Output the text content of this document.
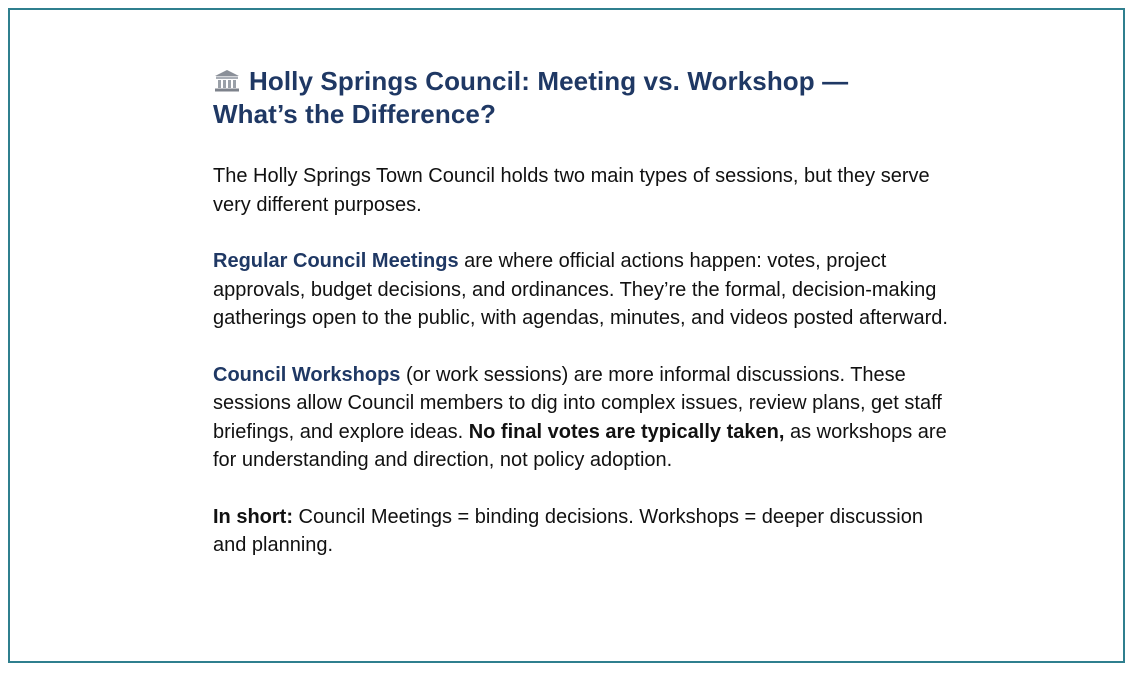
Holly Springs Council: Meeting vs. Workshop —
What’s the Difference?

The Holly Springs Town Council holds two main types of sessions, but they serve very different purposes.

Regular Council Meetings are where official actions happen: votes, project approvals, budget decisions, and ordinances. They’re the formal, decision-making gatherings open to the public, with agendas, minutes, and videos posted afterward.

Council Workshops (or work sessions) are more informal discussions. These sessions allow Council members to dig into complex issues, review plans, get staff briefings, and explore ideas. No final votes are typically taken, as workshops are for understanding and direction, not policy adoption.

In short: Council Meetings = binding decisions. Workshops = deeper discussion and planning.
